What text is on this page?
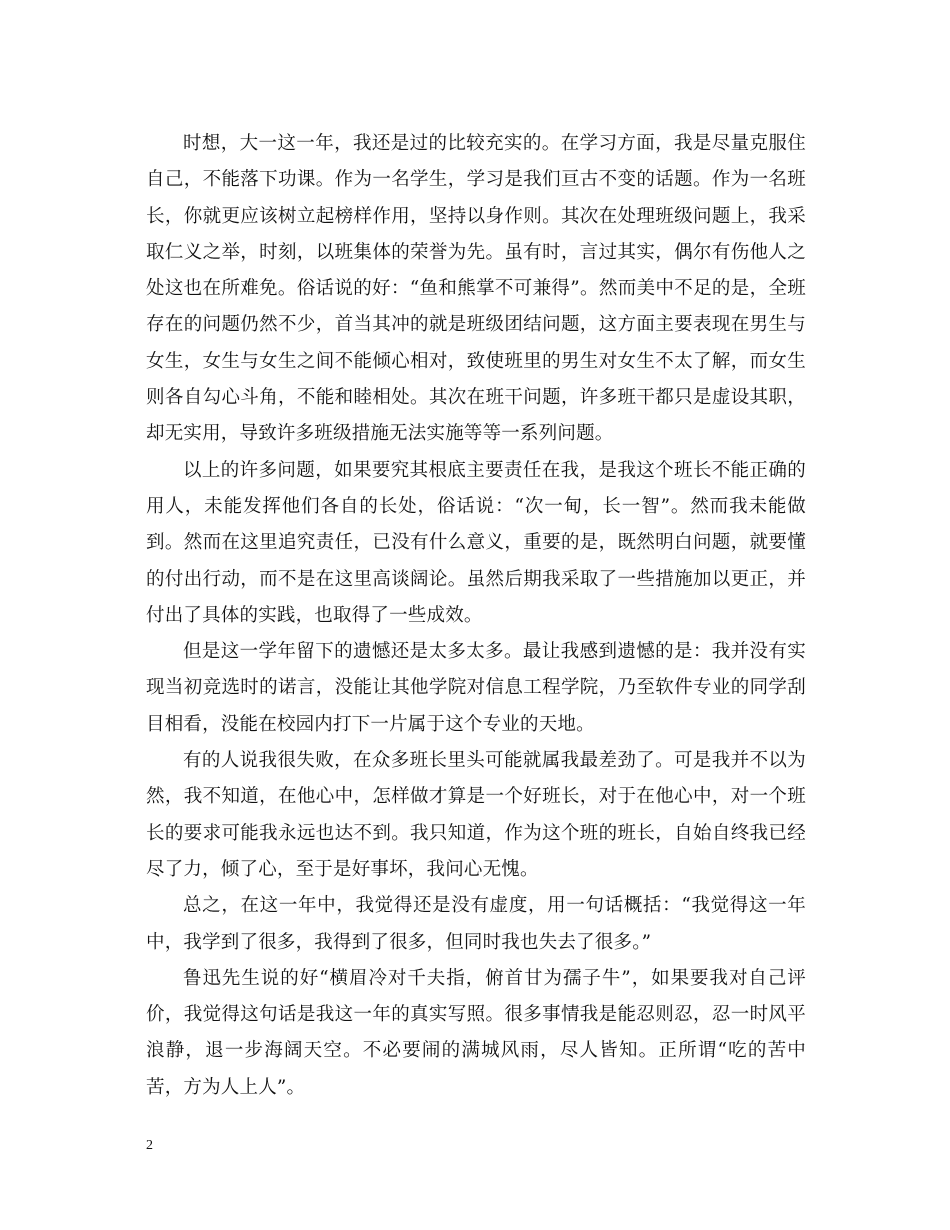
时想，大一这一年，我还是过的比较充实的。在学习方面，我是尽量克服住自己，不能落下功课。作为一名学生，学习是我们亘古不变的话题。作为一名班长，你就更应该树立起榜样作用，坚持以身作则。其次在处理班级问题上，我采取仁义之举，时刻，以班集体的荣誉为先。虽有时，言过其实，偶尔有伤他人之处这也在所难免。俗话说的好：“鱼和熊掌不可兼得”。然而美中不足的是，全班存在的问题仍然不少，首当其冲的就是班级团结问题，这方面主要表现在男生与女生，女生与女生之间不能倾心相对，致使班里的男生对女生不太了解，而女生则各自勾心斗角，不能和睦相处。其次在班干问题，许多班干都只是虚设其职，却无实用，导致许多班级措施无法实施等等一系列问题。

以上的许多问题，如果要究其根底主要责任在我，是我这个班长不能正确的用人，未能发挥他们各自的长处，俗话说：“次一甸，长一智”。然而我未能做到。然而在这里追究责任，已没有什么意义，重要的是，既然明白问题，就要懂的付出行动，而不是在这里高谈阔论。虽然后期我采取了一些措施加以更正，并付出了具体的实践，也取得了一些成效。

但是这一学年留下的遗憾还是太多太多。最让我感到遗憾的是：我并没有实现当初竞选时的诺言，没能让其他学院对信息工程学院，乃至软件专业的同学刮目相看，没能在校园内打下一片属于这个专业的天地。

有的人说我很失败，在众多班长里头可能就属我最差劲了。可是我并不以为然，我不知道，在他心中，怎样做才算是一个好班长，对于在他心中，对一个班长的要求可能我永远也达不到。我只知道，作为这个班的班长，自始自终我已经尽了力，倾了心，至于是好事坏，我问心无愧。

总之，在这一年中，我觉得还是没有虚度，用一句话概括：“我觉得这一年中，我学到了很多，我得到了很多，但同时我也失去了很多。”

鲁迅先生说的好“横眉冷对千夫指，俯首甘为孺子牛”，如果要我对自己评价，我觉得这句话是我这一年的真实写照。很多事情我是能忍则忍，忍一时风平浪静，退一步海阔天空。不必要闹的满城风雨，尽人皆知。正所谓“吃的苦中苦，方为人上人”。

2
